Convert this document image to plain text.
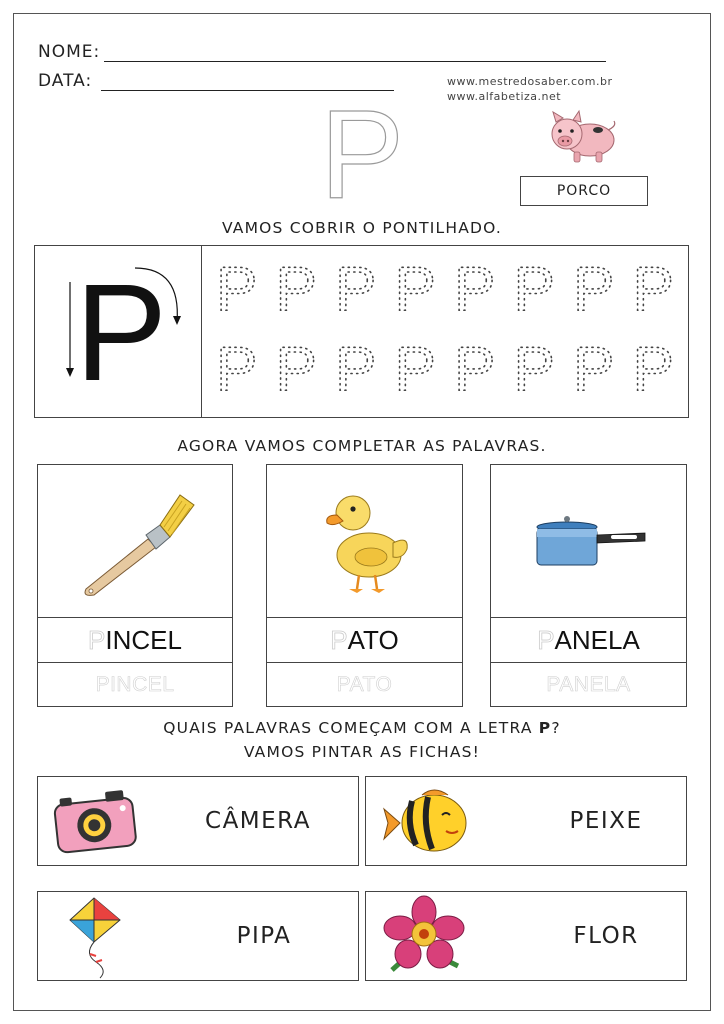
NOME:
DATA:	www.mestredosaber.com.br
www.alfabetiza.net
P	PORCO
VAMOS COBRIR O PONTILHADO.
P P P P P P P P P
P P P P P P P P
AGORA VAMOS COMPLETAR AS PALAVRAS.
P INCEL
PINCEL
P ATO
PATO
P ANELA
PANELA
QUAIS PALAVRAS COMEÇAM COM A LETRA P?
VAMOS PINTAR AS FICHAS!
CÂMERA	PEIXE
PIPA	FLOR
